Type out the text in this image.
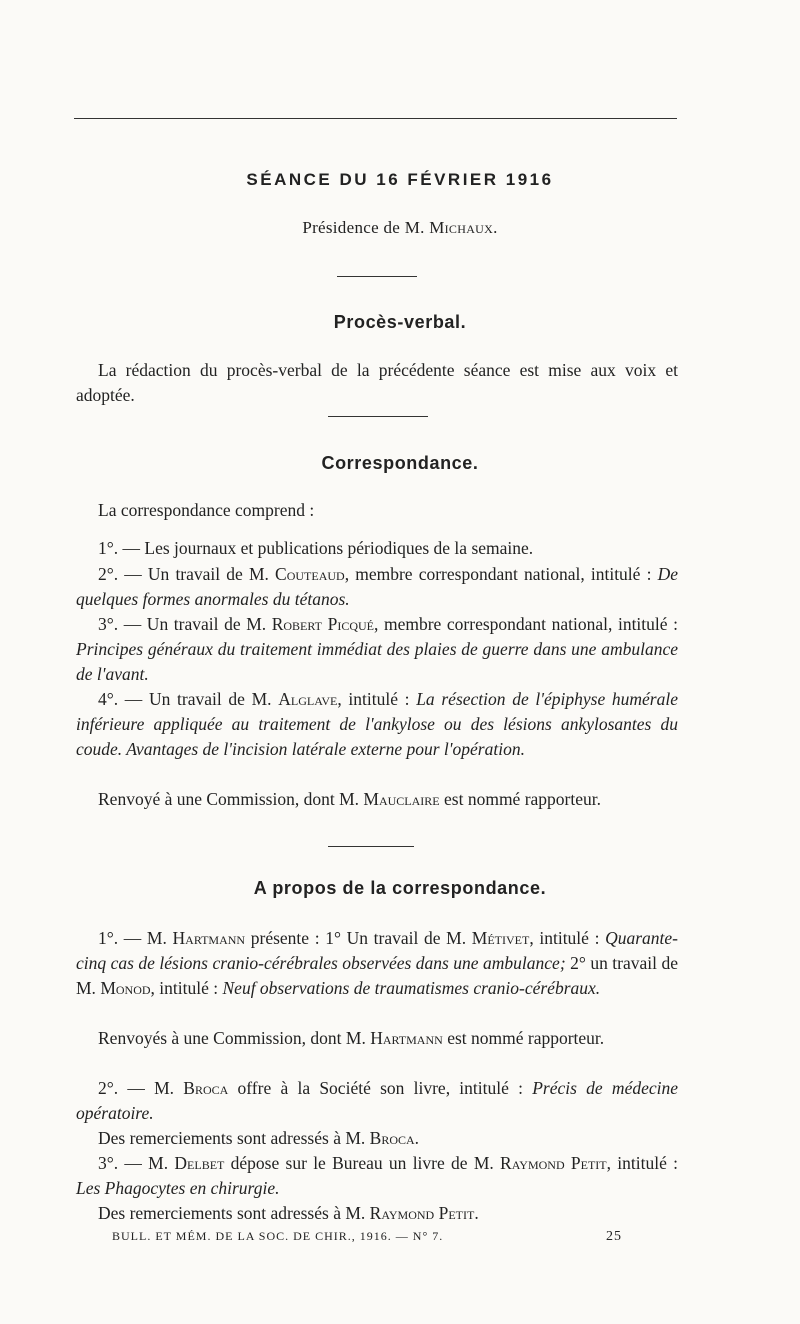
SÉANCE DU 16 FÉVRIER 1916
Présidence de M. Michaux.
Procès-verbal.
La rédaction du procès-verbal de la précédente séance est mise aux voix et adoptée.
Correspondance.
La correspondance comprend :
1°. — Les journaux et publications périodiques de la semaine.
2°. — Un travail de M. Couteaud, membre correspondant national, intitulé : De quelques formes anormales du tétanos.
3°. — Un travail de M. Robert Picqué, membre correspondant national, intitulé : Principes généraux du traitement immédiat des plaies de guerre dans une ambulance de l'avant.
4°. — Un travail de M. Alglave, intitulé : La résection de l'épiphyse humérale inférieure appliquée au traitement de l'ankylose ou des lésions ankylosantes du coude. Avantages de l'incision latérale externe pour l'opération.
Renvoyé à une Commission, dont M. Mauclaire est nommé rapporteur.
A propos de la correspondance.
1°. — M. Hartmann présente : 1° Un travail de M. Métivet, intitulé : Quarante-cinq cas de lésions cranio-cérébrales observées dans une ambulance; 2° un travail de M. Monod, intitulé : Neuf observations de traumatismes cranio-cérébraux.
Renvoyés à une Commission, dont M. Hartmann est nommé rapporteur.
2°. — M. Broca offre à la Société son livre, intitulé : Précis de médecine opératoire.
Des remerciements sont adressés à M. Broca.
3°. — M. Delbet dépose sur le Bureau un livre de M. Raymond Petit, intitulé : Les Phagocytes en chirurgie.
Des remerciements sont adressés à M. Raymond Petit.
BULL. ET MÉM. DE LA SOC. DE CHIR., 1916. — N° 7.	25
